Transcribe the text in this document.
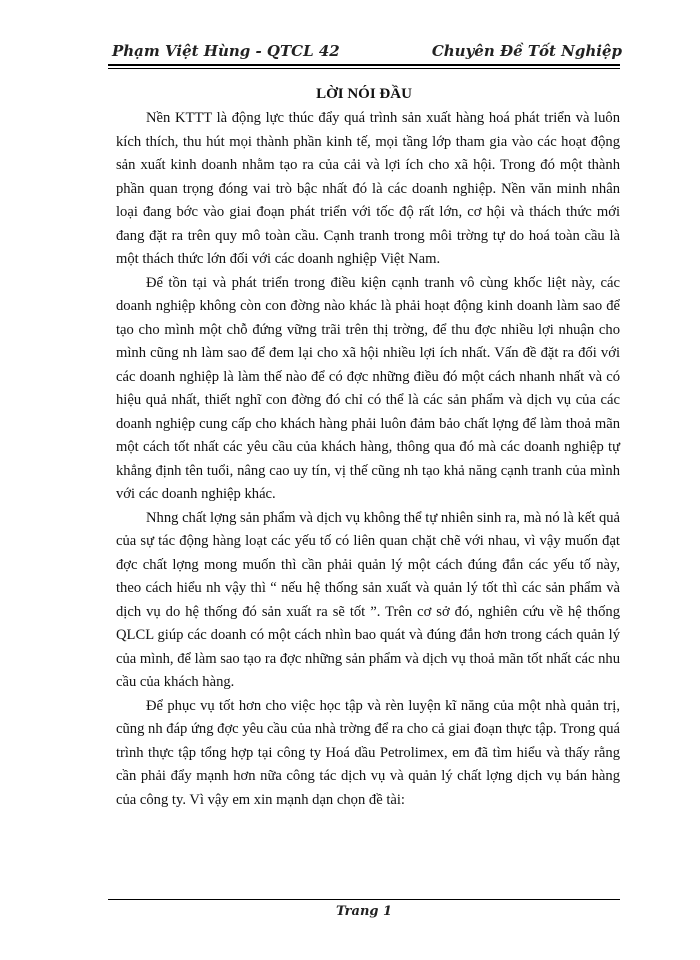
Phạm Việt Hùng - QTCL 42	Chuyên Đề Tốt Nghiệp
LỜI NÓI ĐẦU

Nền KTTT là động lực thúc đẩy quá trình sản xuất hàng hoá phát triển và luôn kích thích, thu hút mọi thành phần kinh tế, mọi tầng lớp tham gia vào các hoạt động sản xuất kinh doanh nhằm tạo ra của cải và lợi ích cho xã hội. Trong đó một thành phần quan trọng đóng vai trò bậc nhất đó là các doanh nghiệp. Nền văn minh nhân loại đang bớc vào giai đoạn phát triển với tốc độ rất lớn, cơ hội và thách thức mới đang đặt ra trên quy mô toàn cầu. Cạnh tranh trong môi trờng tự do hoá toàn cầu là một thách thức lớn đối với các doanh nghiệp Việt Nam.

Để tồn tại và phát triển trong điều kiện cạnh tranh vô cùng khốc liệt này, các doanh nghiệp không còn con đờng nào khác là phải hoạt động kinh doanh làm sao để tạo cho mình một chỗ đứng vững trãi trên thị trờng, để thu đợc nhiều lợi nhuận cho mình cũng nh làm sao để đem lại cho xã hội nhiều lợi ích nhất. Vấn đề đặt ra đối với các doanh nghiệp là làm thế nào để có đợc những điều đó một cách nhanh nhất và có hiệu quả nhất, thiết nghĩ con đờng đó chỉ có thể là các sản phẩm và dịch vụ của các doanh nghiệp cung cấp cho khách hàng phải luôn đảm bảo chất lợng để làm thoả mãn một cách tốt nhất các yêu cầu của khách hàng, thông qua đó mà các doanh nghiệp tự khẳng định tên tuổi, nâng cao uy tín, vị thế cũng nh tạo khả năng cạnh tranh của mình với các doanh nghiệp khác.

Nhng chất lợng sản phẩm và dịch vụ không thể tự nhiên sinh ra, mà nó là kết quả của sự tác động hàng loạt các yếu tố có liên quan chặt chẽ với nhau, vì vậy muốn đạt đợc chất lợng mong muốn thì cần phải quản lý một cách đúng đắn các yếu tố này, theo cách hiểu nh vậy thì “ nếu hệ thống sản xuất và quản lý tốt thì các sản phẩm và dịch vụ do hệ thống đó sản xuất ra sẽ tốt ”. Trên cơ sở đó, nghiên cứu về hệ thống QLCL giúp các doanh có một cách nhìn bao quát và đúng đắn hơn trong cách quản lý của mình, để làm sao tạo ra đợc những sản phẩm và dịch vụ thoả mãn tốt nhất các nhu cầu của khách hàng.

Để phục vụ tốt hơn cho việc học tập và rèn luyện kĩ năng của một nhà quản trị, cũng nh đáp ứng đợc yêu cầu của nhà trờng để ra cho cả giai đoạn thực tập. Trong quá trình thực tập tổng hợp tại công ty Hoá dầu Petrolimex, em đã tìm hiểu và thấy rằng cần phải đẩy mạnh hơn nữa công tác dịch vụ và quản lý chất lợng dịch vụ bán hàng của công ty. Vì vậy em xin mạnh dạn chọn đề tài:

Trang 1
